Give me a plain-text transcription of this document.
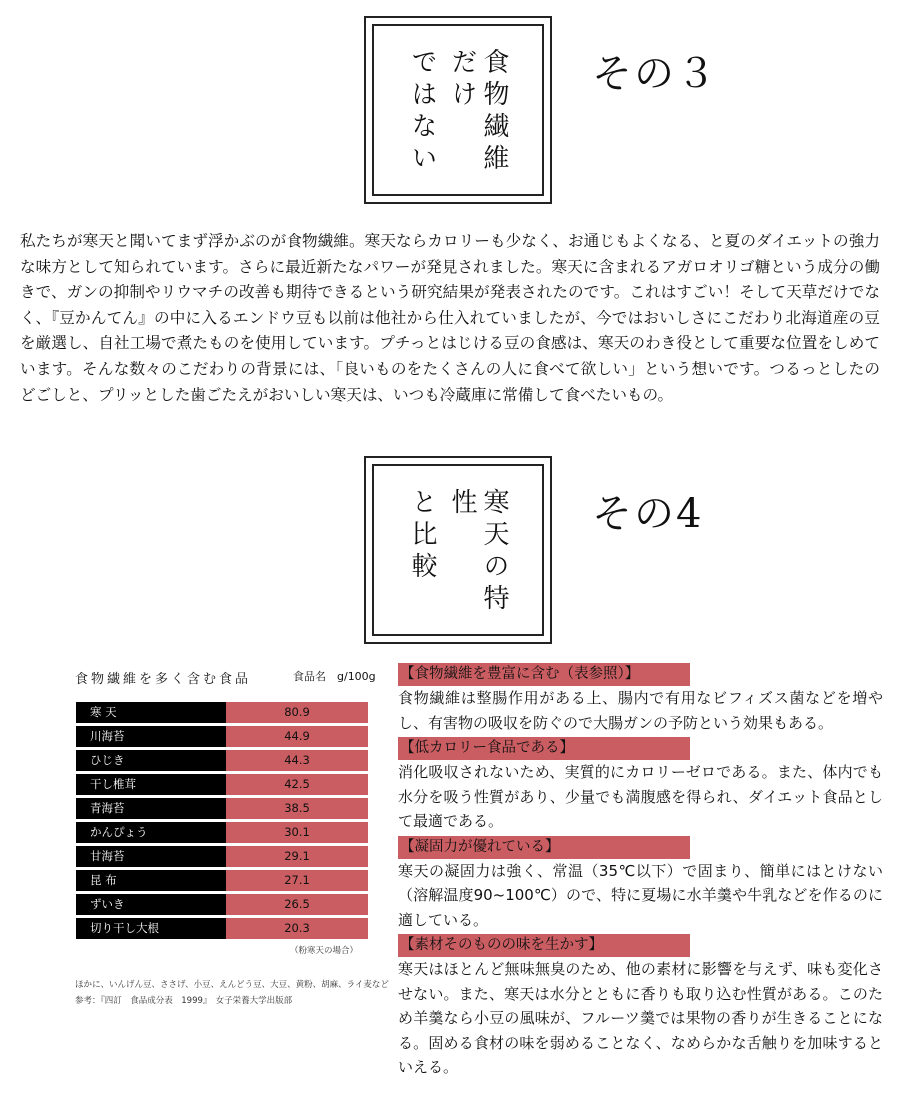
食物繊維だけ
ではない	その３

私たちが寒天と聞いてまず浮かぶのが食物繊維。寒天ならカロリーも少なく、お通じもよくなる、と夏のダイエットの強力な味方として知られています。さらに最近新たなパワーが発見されました。寒天に含まれるアガロオリゴ糖という成分の働きで、ガンの抑制やリウマチの改善も期待できるという研究結果が発表されたのです。これはすごい！そして天草だけでなく、『豆かんてん』の中に入るエンドウ豆も以前は他社から仕入れていましたが、今ではおいしさにこだわり北海道産の豆を厳選し、自社工場で煮たものを使用しています。プチっとはじける豆の食感は、寒天のわき役として重要な位置をしめています。そんな数々のこだわりの背景には、「良いものをたくさんの人に食べて欲しい」という想いです。つるっとしたのどごしと、プリッとした歯ごたえがおいしい寒天は、いつも冷蔵庫に常備して食べたいもの。

寒天の特性
と比較	その4
食物繊維を多く含む食品	食品名　g/100g
寒 天	80.9
川海苔	44.9
ひじき	44.3
干し椎茸	42.5
青海苔	38.5
かんぴょう	30.1
甘海苔	29.1
昆 布	27.1
ずいき	26.5
切り干し大根	20.3
（粉寒天の場合）
ほかに、いんげん豆、ささげ、小豆、えんどう豆、大豆、黄粉、胡麻、ライ麦など
参考：『四訂　食品成分表　1999』　女子栄養大学出版部
【食物繊維を豊富に含む（表参照）】
食物繊維は整腸作用がある上、腸内で有用なビフィズス菌などを増やし、有害物の吸収を防ぐので大腸ガンの予防という効果もある。
【低カロリー食品である】
消化吸収されないため、実質的にカロリーゼロである。また、体内でも水分を吸う性質があり、少量でも満腹感を得られ、ダイエット食品として最適である。
【凝固力が優れている】
寒天の凝固力は強く、常温（35℃以下）で固まり、簡単にはとけない（溶解温度90~100℃）ので、特に夏場に水羊羹や牛乳などを作るのに適している。
【素材そのものの味を生かす】
寒天はほとんど無味無臭のため、他の素材に影響を与えず、味も変化させない。また、寒天は水分とともに香りも取り込む性質がある。このため羊羹なら小豆の風味が、フルーツ羹では果物の香りが生きることになる。固める食材の味を弱めることなく、なめらかな舌触りを加味するといえる。
